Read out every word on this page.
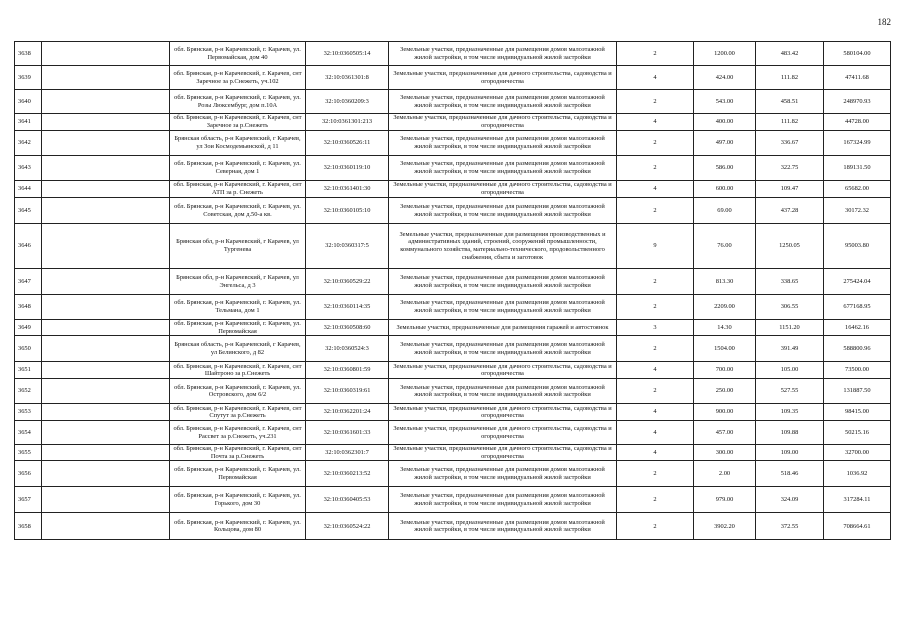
182
3638		обл. Брянская, р-н Карачевский, г. Карачев, ул. Первомайская, дом 40	32:10:0360505:14	Земельные участки, предназначенные для размещения домов малоэтажной жилой застройки, в том числе индивидуальной жилой застройки	2	1200.00	483.42	580104.00
3639		обл. Брянская, р-н Карачевский, г. Карачев, снт Заречное за р.Снежеть, уч.102	32:10:0361301:8	Земельные участки, предназначенные для дачного строительства, садоводства и огородничества	4	424.00	111.82	47411.68
3640		обл. Брянская, р-н Карачевский, г. Карачев, ул. Розы Люксембург, дом п.10А	32:10:0360209:3	Земельные участки, предназначенные для размещения домов малоэтажной жилой застройки, в том числе индивидуальной жилой застройки	2	543.00	458.51	248970.93
3641		обл. Брянская, р-н Карачевский, г. Карачев, снт Заречное за р.Снежеть	32:10:0361301:213	Земельные участки, предназначенные для дачного строительства, садоводства и огородничества	4	400.00	111.82	44728.00
3642		Брянская область, р-н Карачевский, г Карачев, ул Зои Космодемьянской, д 11	32:10:0360526:11	Земельные участки, предназначенные для размещения домов малоэтажной жилой застройки, в том числе индивидуальной жилой застройки	2	497.00	336.67	167324.99
3643		обл. Брянская, р-н Карачевский, г. Карачев, ул. Северная, дом 1	32:10:0360119:10	Земельные участки, предназначенные для размещения домов малоэтажной жилой застройки, в том числе индивидуальной жилой застройки	2	586.00	322.75	189131.50
3644		обл. Брянская, р-н Карачевский, г. Карачев, снт АТП за р. Снежеть	32:10:0361401:30	Земельные участки, предназначенные для дачного строительства, садоводства и огородничества	4	600.00	109.47	65682.00
3645		обл. Брянская, р-н Карачевский, г. Карачев, ул. Советская, дом д.50-а кв.	32:10:0360105:10	Земельные участки, предназначенные для размещения домов малоэтажной жилой застройки, в том числе индивидуальной жилой застройки	2	69.00	437.28	30172.32
3646		Брянская обл, р-н Карачевский, г Карачев, ул Тургенева	32:10:0360317:5	Земельные участки, предназначенные для размещения производственных и административных зданий, строений, сооружений промышленности, коммунального хозяйства, материально-технического, продовольственного снабжения, сбыта и заготовок	9	76.00	1250.05	95003.80
3647		Брянская обл, р-н Карачевский, г Карачев, ул Энгельса, д 3	32:10:0360529:22	Земельные участки, предназначенные для размещения домов малоэтажной жилой застройки, в том числе индивидуальной жилой застройки	2	813.30	338.65	275424.04
3648		обл. Брянская, р-н Карачевский, г. Карачев, ул. Тельмана, дом 1	32:10:0360114:35	Земельные участки, предназначенные для размещения домов малоэтажной жилой застройки, в том числе индивидуальной жилой застройки	2	2209.00	306.55	677168.95
3649		обл. Брянская, р-н Карачевский, г. Карачев, ул. Первомайская	32:10:0360508:60	Земельные участки, предназначенные для размещения гаражей и автостоянок	3	14.30	1151.20	16462.16
3650		Брянская область, р-н Карачевский, г Карачев, ул Белинского, д 82	32:10:0360524:3	Земельные участки, предназначенные для размещения домов малоэтажной жилой застройки, в том числе индивидуальной жилой застройки	2	1504.00	391.49	588800.96
3651		обл. Брянская, р-н Карачевский, г. Карачев, снт Шайтроно за р.Снежеть	32:10:0360801:59	Земельные участки, предназначенные для дачного строительства, садоводства и огородничества	4	700.00	105.00	73500.00
3652		обл. Брянская, р-н Карачевский, г. Карачев, ул. Островского, дом 6/2	32:10:0360319:61	Земельные участки, предназначенные для размещения домов малоэтажной жилой застройки, в том числе индивидуальной жилой застройки	2	250.00	527.55	131887.50
3653		обл. Брянская, р-н Карачевский, г. Карачев, снт Спутут за р.Снежеть	32:10:0362201:24	Земельные участки, предназначенные для дачного строительства, садоводства и огородничества	4	900.00	109.35	98415.00
3654		обл. Брянская, р-н Карачевский, г. Карачев, снт Рассвет за р.Снежеть, уч.231	32:10:0361601:33	Земельные участки, предназначенные для дачного строительства, садоводства и огородничества	4	457.00	109.88	50215.16
3655		обл. Брянская, р-н Карачевский, г. Карачев, снт Почта за р.Снежеть	32:10:0362301:7	Земельные участки, предназначенные для дачного строительства, садоводства и огородничества	4	300.00	109.00	32700.00
3656		обл. Брянская, р-н Карачевский, г. Карачев, ул. Первомайская	32:10:0360213:52	Земельные участки, предназначенные для размещения домов малоэтажной жилой застройки, в том числе индивидуальной жилой застройки	2	2.00	518.46	1036.92
3657		обл. Брянская, р-н Карачевский, г. Карачев, ул. Горького, дом 30	32:10:0360405:53	Земельные участки, предназначенные для размещения домов малоэтажной жилой застройки, в том числе индивидуальной жилой застройки	2	979.00	324.09	317284.11
3658		обл. Брянская, р-н Карачевский, г. Карачев, ул. Кольцова, дом 80	32:10:0360524:22	Земельные участки, предназначенные для размещения домов малоэтажной жилой застройки, в том числе индивидуальной жилой застройки	2	3902.20	372.55	708664.61
